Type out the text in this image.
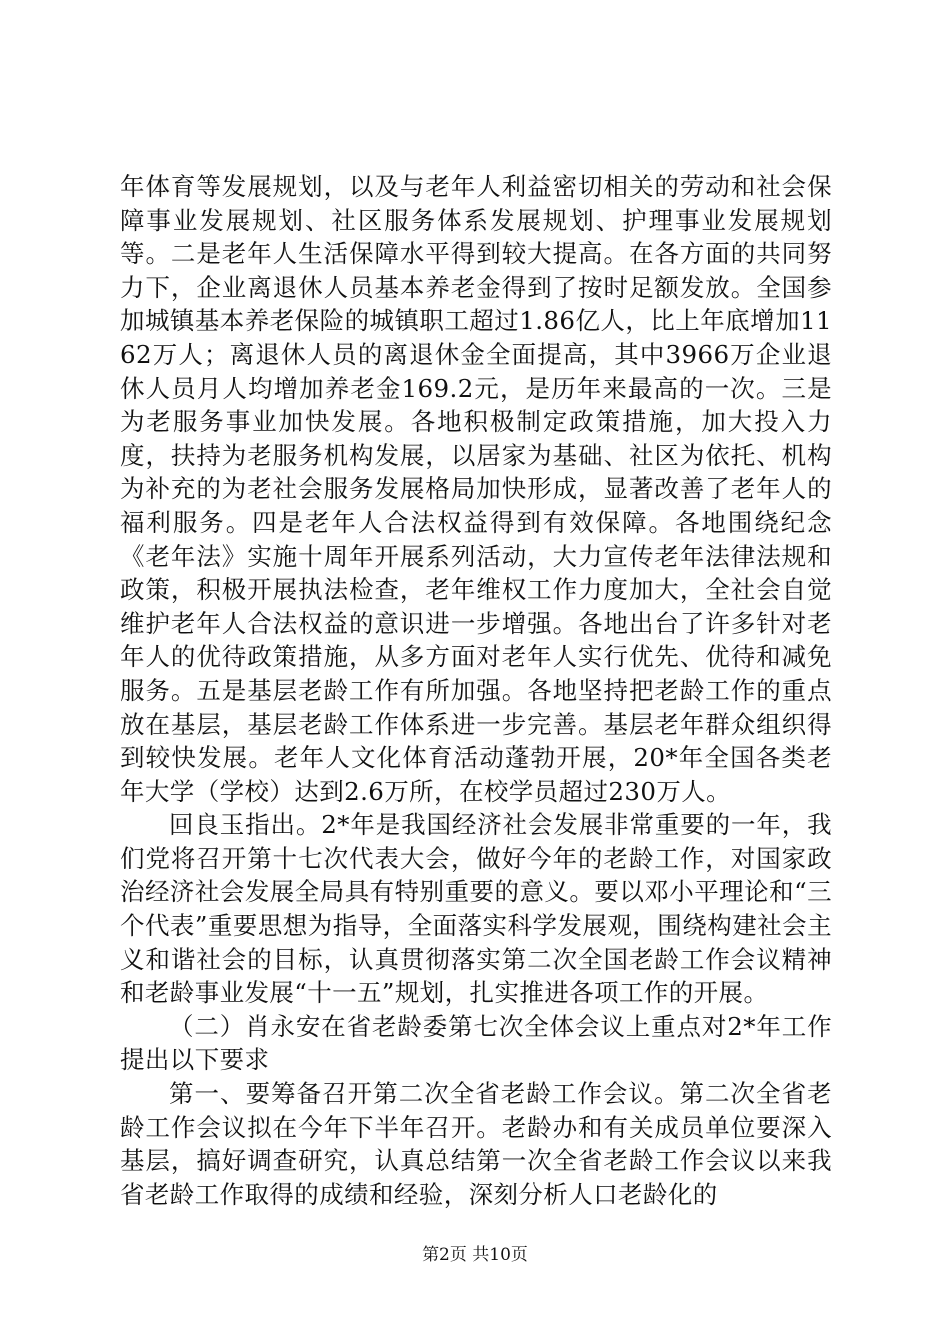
年体育等发展规划，以及与老年人利益密切相关的劳动和社会保障事业发展规划、社区服务体系发展规划、护理事业发展规划等。二是老年人生活保障水平得到较大提高。在各方面的共同努力下，企业离退休人员基本养老金得到了按时足额发放。全国参加城镇基本养老保险的城镇职工超过1.86亿人，比上年底增加1162万人；离退休人员的离退休金全面提高，其中3966万企业退休人员月人均增加养老金169.2元，是历年来最高的一次。三是为老服务事业加快发展。各地积极制定政策措施，加大投入力度，扶持为老服务机构发展，以居家为基础、社区为依托、机构为补充的为老社会服务发展格局加快形成，显著改善了老年人的福利服务。四是老年人合法权益得到有效保障。各地围绕纪念《老年法》实施十周年开展系列活动，大力宣传老年法律法规和政策，积极开展执法检查，老年维权工作力度加大，全社会自觉维护老年人合法权益的意识进一步增强。各地出台了许多针对老年人的优待政策措施，从多方面对老年人实行优先、优待和减免服务。五是基层老龄工作有所加强。各地坚持把老龄工作的重点放在基层，基层老龄工作体系进一步完善。基层老年群众组织得到较快发展。老年人文化体育活动蓬勃开展，20*年全国各类老年大学（学校）达到2.6万所，在校学员超过230万人。

回良玉指出。2*年是我国经济社会发展非常重要的一年，我们党将召开第十七次代表大会，做好今年的老龄工作，对国家政治经济社会发展全局具有特别重要的意义。要以邓小平理论和“三个代表”重要思想为指导，全面落实科学发展观，围绕构建社会主义和谐社会的目标，认真贯彻落实第二次全国老龄工作会议精神和老龄事业发展“十一五”规划，扎实推进各项工作的开展。

（二）肖永安在省老龄委第七次全体会议上重点对2*年工作提出以下要求

第一、要筹备召开第二次全省老龄工作会议。第二次全省老龄工作会议拟在今年下半年召开。老龄办和有关成员单位要深入基层，搞好调查研究，认真总结第一次全省老龄工作会议以来我省老龄工作取得的成绩和经验，深刻分析人口老龄化的

第2页 共10页
